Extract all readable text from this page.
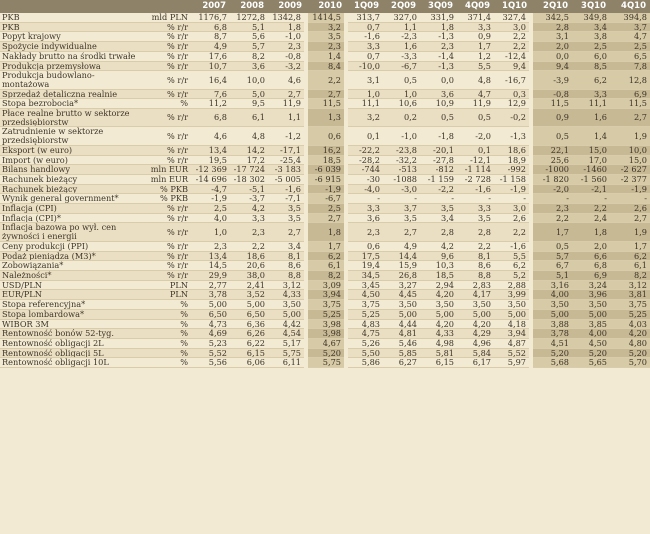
		2007	2008	2009	2010	1Q09	2Q09	3Q09	4Q09	1Q10	2Q10	3Q10	4Q10
PKB	mld PLN	1176,7	1272,8	1342,8	1414,5	313,7	327,0	331,9	371,4	327,4	342,5	349,8	394,8
PKB	% r/r	6,8	5,1	1,8	3,2	0,7	1,1	1,8	3,3	3,0	2,8	3,4	3,7
Popyt krajowy	% r/r	8,7	5,6	-1,0	3,5	-1,6	-2,3	-1,3	0,9	2,2	3,1	3,8	4,7
Spożycie indywidualne	% r/r	4,9	5,7	2,3	2,3	3,3	1,6	2,3	1,7	2,2	2,0	2,5	2,5
Nakłady brutto na środki trwałe	% r/r	17,6	8,2	-0,8	1,4	0,7	-3,3	-1,4	1,2	-12,4	0,0	6,0	6,5
Produkcja przemysłowa	% r/r	10,7	3,6	-3,2	8,4	-10,0	-6,7	-1,3	5,5	9,4	9,4	8,5	7,8
Produkcja budowlano-montażowa	% r/r	16,4	10,0	4,6	2,2	3,1	0,5	0,0	4,8	-16,7	-3,9	6,2	12,8
Sprzedaż detaliczna realnie	% r/r	7,6	5,0	2,7	2,7	1,0	1,0	3,6	4,7	0,3	-0,8	3,3	6,9
Stopa bezrobocia*	%	11,2	9,5	11,9	11,5	11,1	10,6	10,9	11,9	12,9	11,5	11,1	11,5
Płace realne brutto w sektorze przedsiębiorstw	% r/r	6,8	6,1	1,1	1,3	3,2	0,2	0,5	0,5	-0,2	0,9	1,6	2,7
Zatrudnienie w sektorze przedsiębiorstw	% r/r	4,6	4,8	-1,2	0,6	0,1	-1,0	-1,8	-2,0	-1,3	0,5	1,4	1,9
Eksport (w euro)	% r/r	13,4	14,2	-17,1	16,2	-22,2	-23,8	-20,1	0,1	18,6	22,1	15,0	10,0
Import (w euro)	% r/r	19,5	17,2	-25,4	18,5	-28,2	-32,2	-27,8	-12,1	18,9	25,6	17,0	15,0
Bilans handlowy	mln EUR	-12 369	-17 724	-3 183	-6 039	-744	-513	-812	-1 114	-992	-1000	-1460	-2 627
Rachunek bieżący	mln EUR	-14 696	-18 302	-5 005	-6 915	-30	-1088	-1 159	-2 728	-1 158	-1 820	-1 560	-2 377
Rachunek bieżący	% PKB	-4,7	-5,1	-1,6	-1,9	-4,0	-3,0	-2,2	-1,6	-1,9	-2,0	-2,1	-1,9
Wynik general government*	% PKB	-1,9	-3,7	-7,1	-6,7	-	-	-	-	-	-	-	-
Inflacja (CPI)	% r/r	2,5	4,2	3,5	2,5	3,3	3,7	3,5	3,3	3,0	2,3	2,2	2,6
Inflacja (CPI)*	% r/r	4,0	3,3	3,5	2,7	3,6	3,5	3,4	3,5	2,6	2,2	2,4	2,7
Inflacja bazowa po wył. cen żywności i energii	% r/r	1,0	2,3	2,7	1,8	2,3	2,7	2,8	2,8	2,2	1,7	1,8	1,9
Ceny produkcji (PPI)	% r/r	2,3	2,2	3,4	1,7	0,6	4,9	4,2	2,2	-1,6	0,5	2,0	1,7
Podaż pieniądza (M3)*	% r/r	13,4	18,6	8,1	6,2	17,5	14,4	9,6	8,1	5,5	5,7	6,6	6,2
Zobowiązania*	% r/r	14,5	20,6	8,6	6,1	19,4	15,9	10,3	8,6	6,2	6,7	6,8	6,1
Należności*	% r/r	29,9	38,0	8,8	8,2	34,5	26,8	18,5	8,8	5,2	5,1	6,9	8,2
USD/PLN	PLN	2,77	2,41	3,12	3,09	3,45	3,27	2,94	2,83	2,88	3,16	3,24	3,12
EUR/PLN	PLN	3,78	3,52	4,33	3,94	4,50	4,45	4,20	4,17	3,99	4,00	3,96	3,81
Stopa referencyjna*	%	5,00	5,00	3,50	3,75	3,75	3,50	3,50	3,50	3,50	3,50	3,50	3,75
Stopa lombardowa*	%	6,50	6,50	5,00	5,25	5,25	5,00	5,00	5,00	5,00	5,00	5,00	5,25
WIBOR 3M	%	4,73	6,36	4,42	3,98	4,83	4,44	4,20	4,20	4,18	3,88	3,85	4,03
Rentowność bonów 52-tyg.	%	4,69	6,26	4,54	3,98	4,75	4,81	4,33	4,29	3,94	3,78	4,00	4,20
Rentowność obligacji 2L	%	5,23	6,22	5,17	4,67	5,26	5,46	4,98	4,96	4,87	4,51	4,50	4,80
Rentowność obligacji 5L	%	5,52	6,15	5,75	5,20	5,50	5,85	5,81	5,84	5,52	5,20	5,20	5,20
Rentowność obligacji 10L	%	5,56	6,06	6,11	5,75	5,86	6,27	6,15	6,17	5,97	5,68	5,65	5,70
